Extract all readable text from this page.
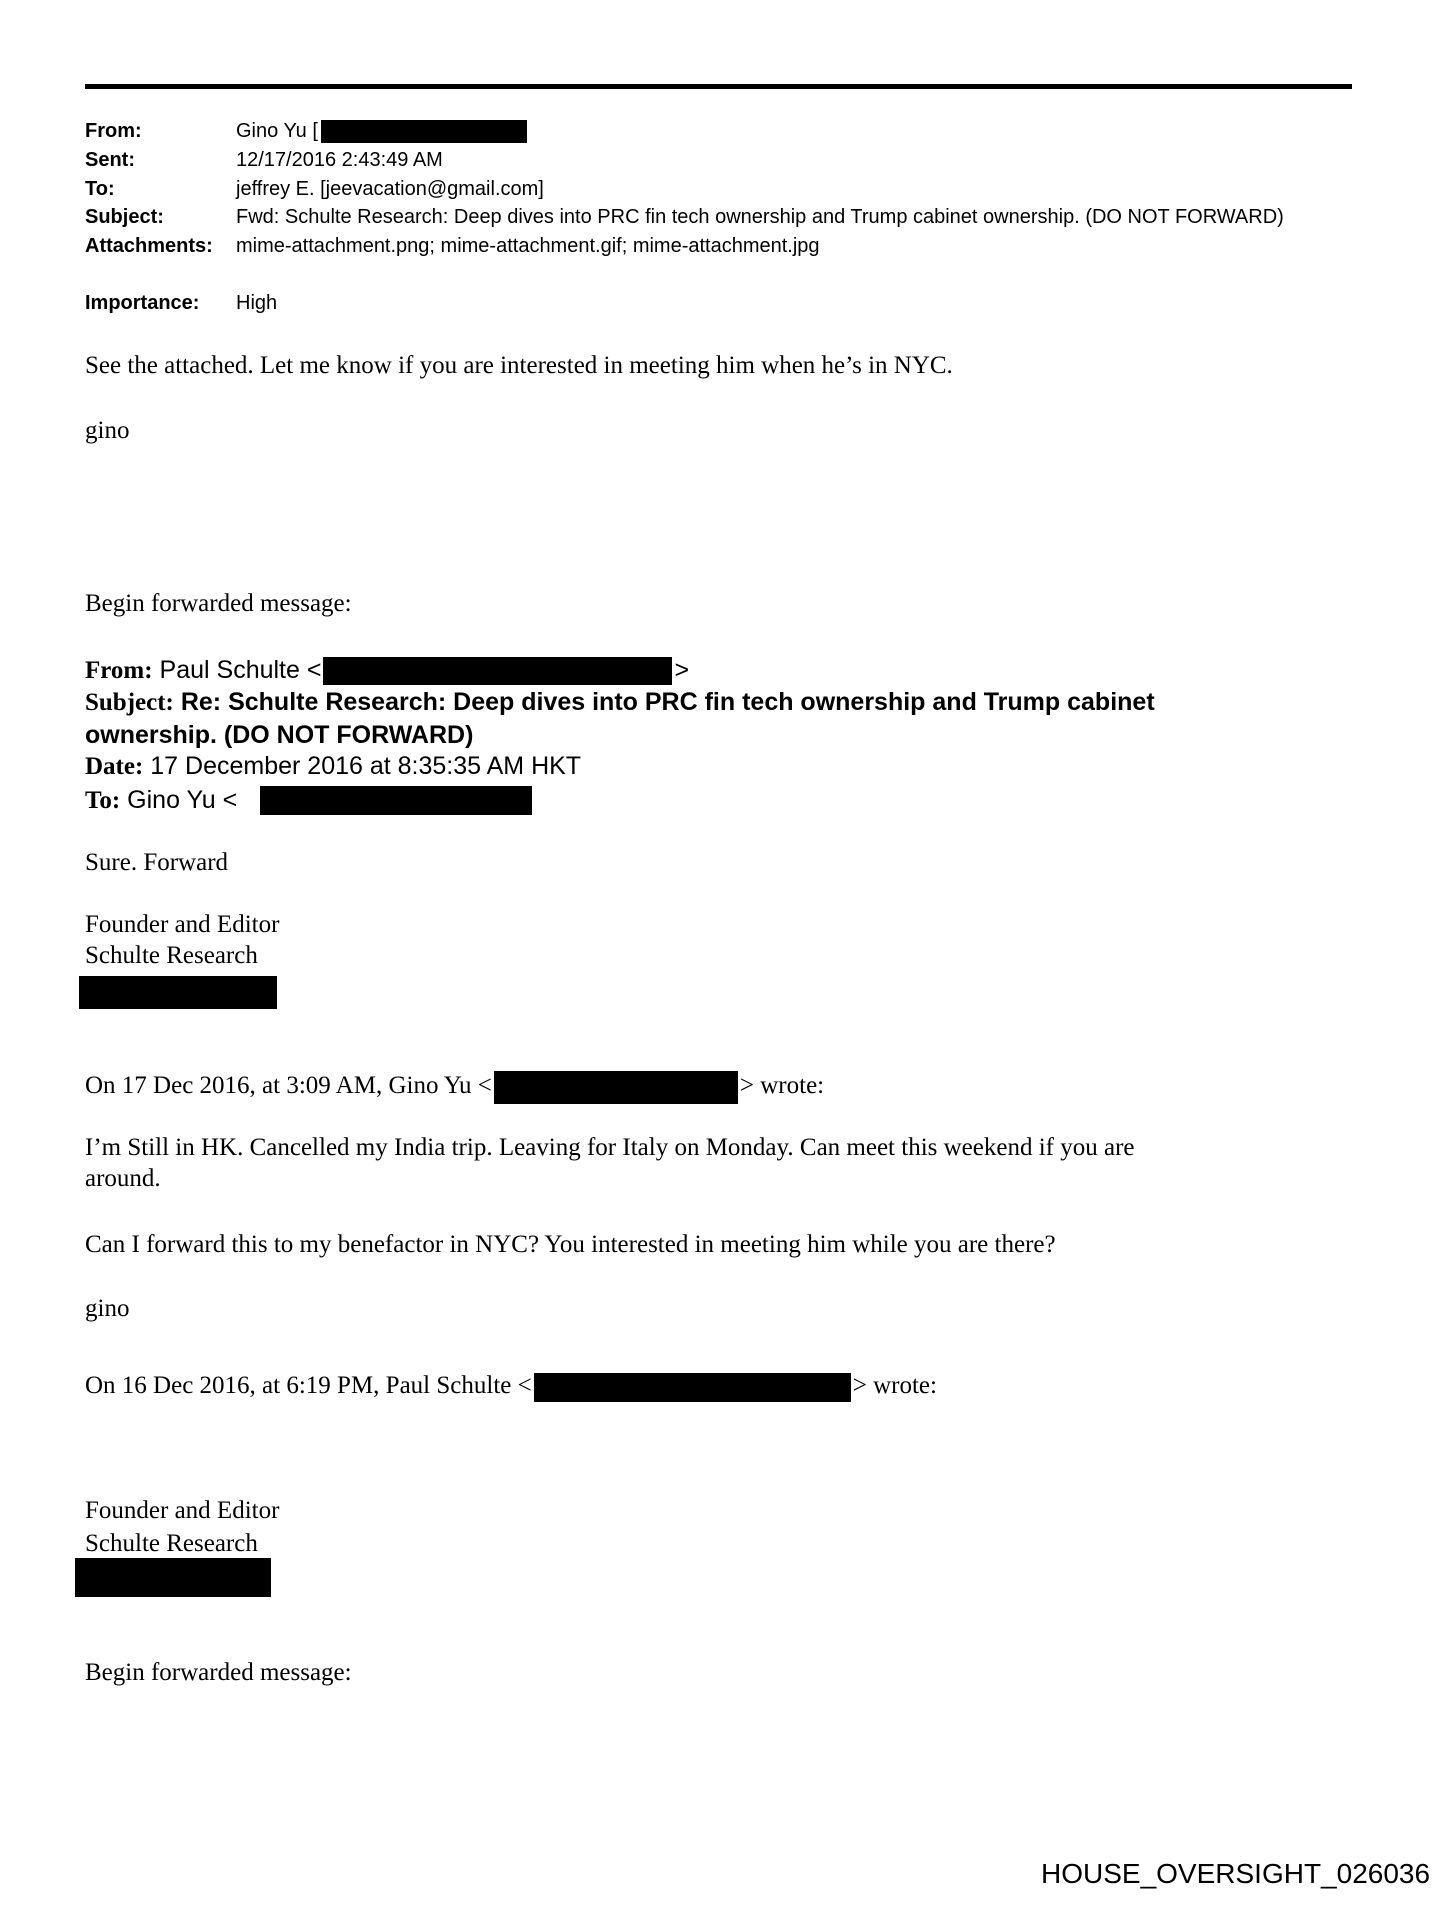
From:	Gino Yu [
Sent:	12/17/2016 2:43:49 AM
To:	jeffrey E. [jeevacation@gmail.com]
Subject:	Fwd: Schulte Research: Deep dives into PRC fin tech ownership and Trump cabinet ownership. (DO NOT FORWARD)
Attachments: mime-attachment.png; mime-attachment.gif; mime-attachment.jpg
Importance: High
See the attached. Let me know if you are interested in meeting him when he’s in NYC.
gino
Begin forwarded message:
From: Paul Schulte <	>
Subject: Re: Schulte Research: Deep dives into PRC fin tech ownership and Trump cabinet
ownership. (DO NOT FORWARD)
Date: 17 December 2016 at 8:35:35 AM HKT
To: Gino Yu <
Sure. Forward
Founder and Editor
Schulte Research
On 17 Dec 2016, at 3:09 AM, Gino Yu <	> wrote:
I’m Still in HK. Cancelled my India trip. Leaving for Italy on Monday. Can meet this weekend if you are
around.
Can I forward this to my benefactor in NYC? You interested in meeting him while you are there?
gino
On 16 Dec 2016, at 6:19 PM, Paul Schulte <	> wrote:
Founder and Editor
Schulte Research
Begin forwarded message:
HOUSE_OVERSIGHT_026036
